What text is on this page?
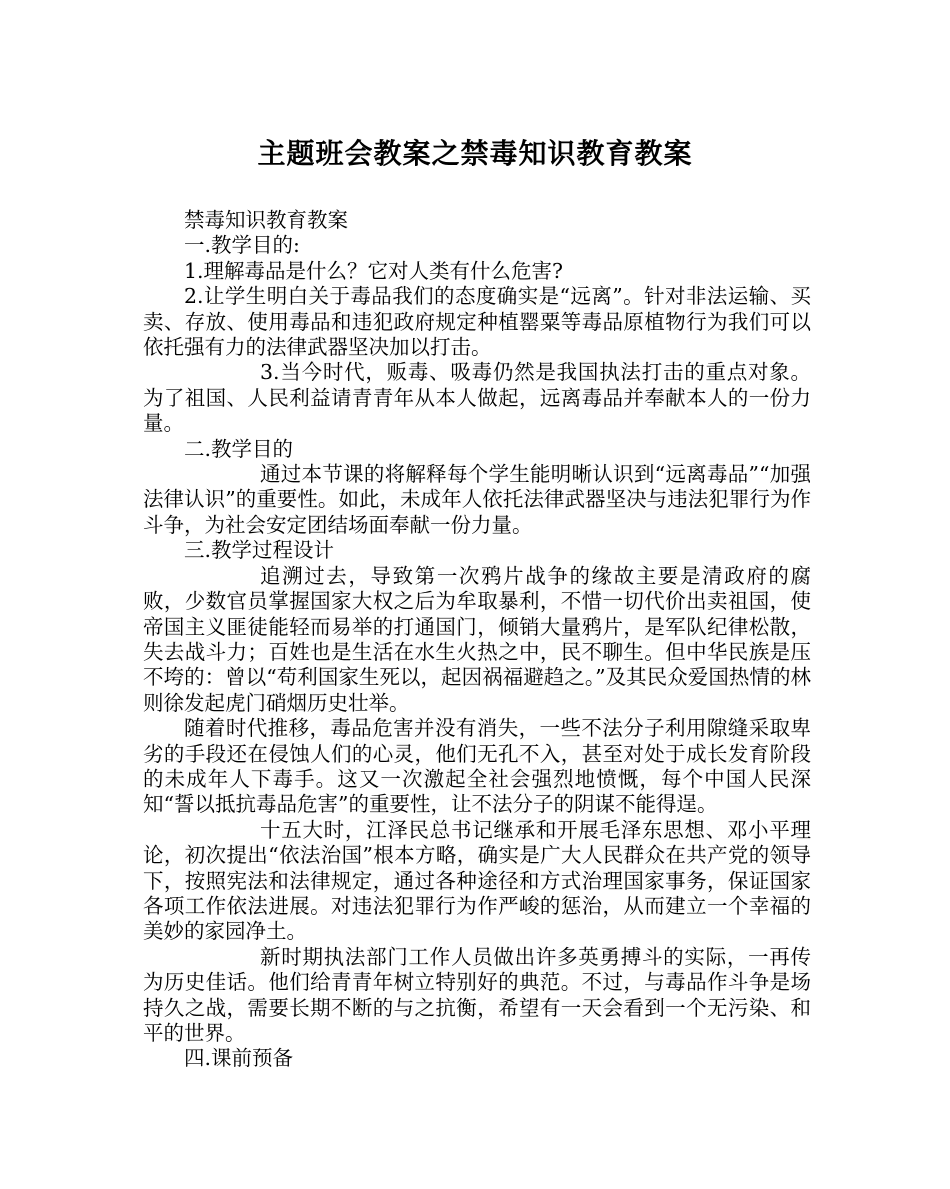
主题班会教案之禁毒知识教育教案

禁毒知识教育教案

一.教学目的:

1.理解毒品是什么？它对人类有什么危害?

2.让学生明白关于毒品我们的态度确实是“远离”。针对非法运输、买卖、存放、使用毒品和违犯政府规定种植罂粟等毒品原植物行为我们可以依托强有力的法律武器坚决加以打击。

3.当今时代，贩毒、吸毒仍然是我国执法打击的重点对象。为了祖国、人民利益请青青年从本人做起，远离毒品并奉献本人的一份力量。

二.教学目的

通过本节课的将解释每个学生能明晰认识到“远离毒品”“加强法律认识”的重要性。如此，未成年人依托法律武器坚决与违法犯罪行为作斗争，为社会安定团结场面奉献一份力量。

三.教学过程设计

追溯过去，导致第一次鸦片战争的缘故主要是清政府的腐败，少数官员掌握国家大权之后为牟取暴利，不惜一切代价出卖祖国，使帝国主义匪徒能轻而易举的打通国门，倾销大量鸦片，是军队纪律松散，失去战斗力；百姓也是生活在水生火热之中，民不聊生。但中华民族是压不垮的：曾以“苟利国家生死以，起因祸福避趋之。”及其民众爱国热情的林则徐发起虎门硝烟历史壮举。

随着时代推移，毒品危害并没有消失，一些不法分子利用隙缝采取卑劣的手段还在侵蚀人们的心灵，他们无孔不入，甚至对处于成长发育阶段的未成年人下毒手。这又一次激起全社会强烈地愤慨，每个中国人民深知“誓以抵抗毒品危害”的重要性，让不法分子的阴谋不能得逞。

十五大时，江泽民总书记继承和开展毛泽东思想、邓小平理论，初次提出“依法治国”根本方略，确实是广大人民群众在共产党的领导下，按照宪法和法律规定，通过各种途径和方式治理国家事务，保证国家各项工作依法进展。对违法犯罪行为作严峻的惩治，从而建立一个幸福的美妙的家园净土。

新时期执法部门工作人员做出许多英勇搏斗的实际，一再传为历史佳话。他们给青青年树立特别好的典范。不过，与毒品作斗争是场持久之战，需要长期不断的与之抗衡，希望有一天会看到一个无污染、和平的世界。

四.课前预备
